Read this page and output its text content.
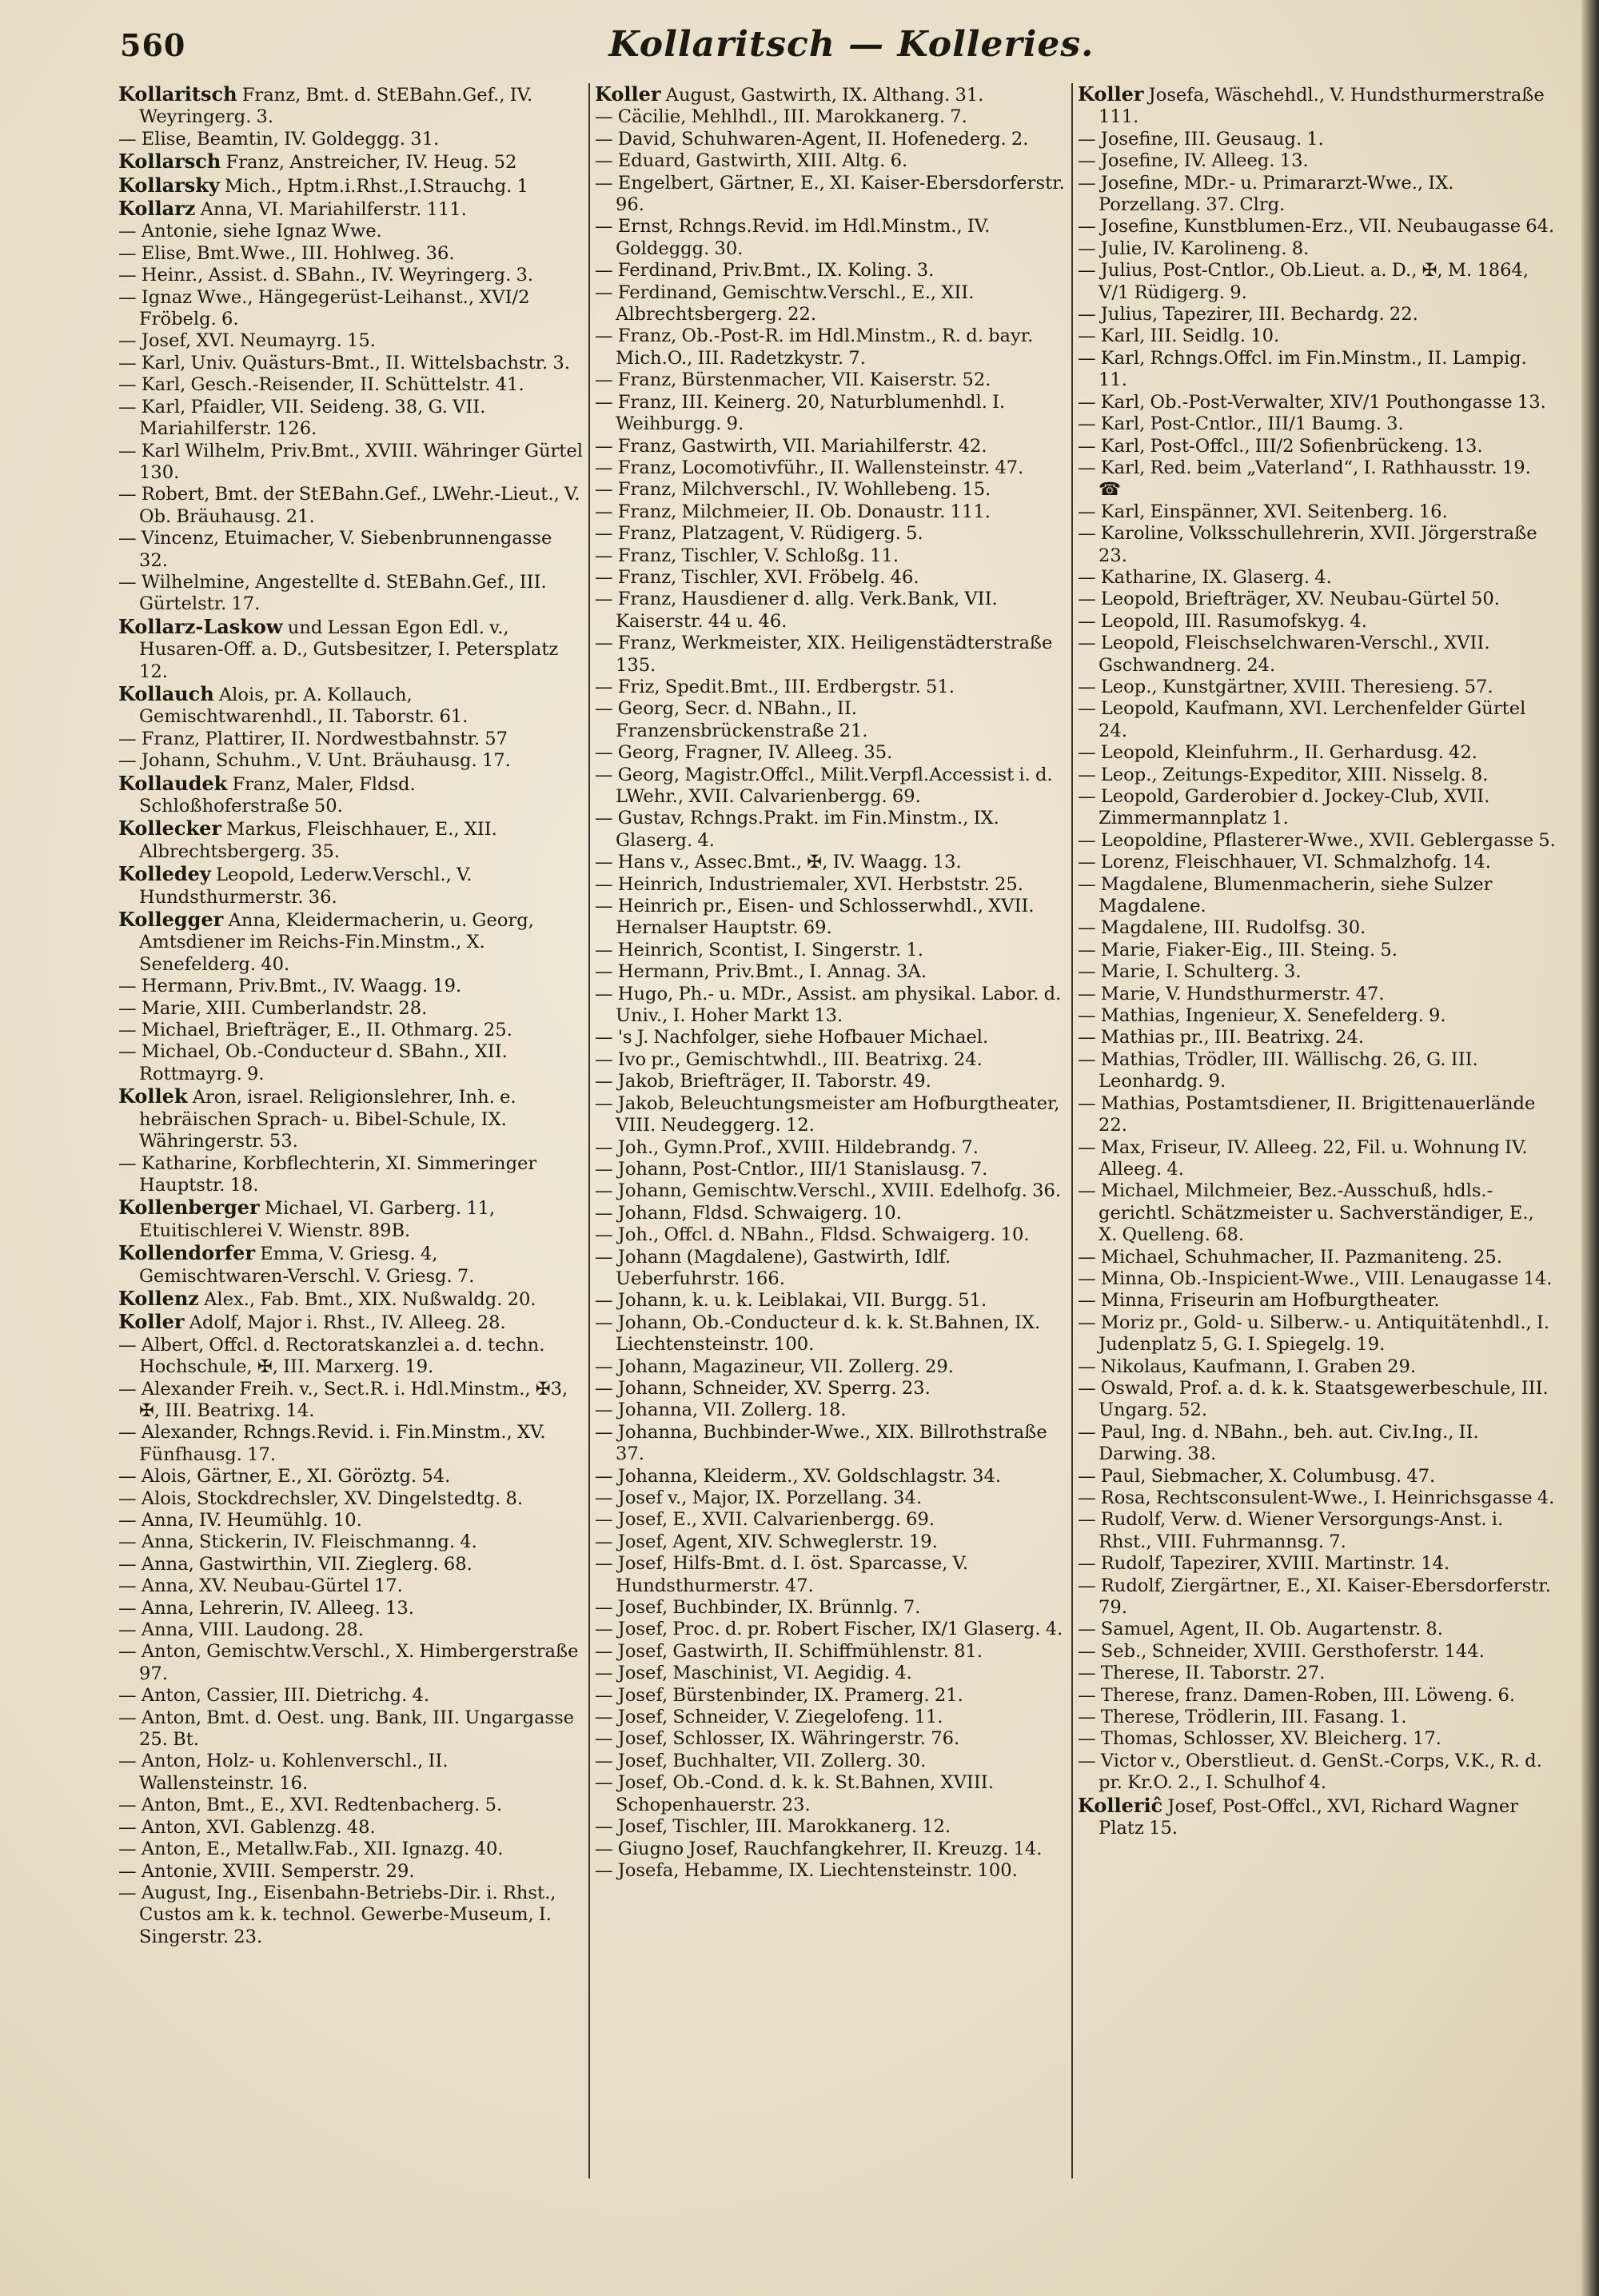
560	Kollaritsch — Kolleries.
Kollaritsch Franz, Bmt. d. StEBahn.Gef., IV. Weyringerg. 3.
— Elise, Beamtin, IV. Goldeggg. 31.
Kollarsch Franz, Anstreicher, IV. Heug. 52
Kollarsky Mich., Hptm.i.Rhst.,I.Strauchg. 1
Kollarz Anna, VI. Mariahilferstr. 111.
— Antonie, siehe Ignaz Wwe.
— Elise, Bmt.Wwe., III. Hohlweg. 36.
— Heinr., Assist. d. SBahn., IV. Weyringerg. 3.
— Ignaz Wwe., Hängegerüst-Leihanst., XVI/2 Fröbelg. 6.
— Josef, XVI. Neumayrg. 15.
— Karl, Univ. Quästurs-Bmt., II. Wittelsbachstr. 3.
— Karl, Gesch.-Reisender, II. Schüttelstr. 41.
— Karl, Pfaidler, VII. Seideng. 38, G. VII. Mariahilferstr. 126.
— Karl Wilhelm, Priv.Bmt., XVIII. Währinger Gürtel 130.
— Robert, Bmt. der StEBahn.Gef., LWehr.-Lieut., V. Ob. Bräuhausg. 21.
— Vincenz, Etuimacher, V. Siebenbrunnengasse 32.
— Wilhelmine, Angestellte d. StEBahn.Gef., III. Gürtelstr. 17.
Kollarz-Laskow und Lessan Egon Edl. v., Husaren-Off. a. D., Gutsbesitzer, I. Petersplatz 12.
Kollauch Alois, pr. A. Kollauch, Gemischtwarenhdl., II. Taborstr. 61.
— Franz, Plattirer, II. Nordwestbahnstr. 57
— Johann, Schuhm., V. Unt. Bräuhausg. 17.
Kollaudek Franz, Maler, Fldsd. Schloßhoferstraße 50.
Kollecker Markus, Fleischhauer, E., XII. Albrechtsbergerg. 35.
Kolledey Leopold, Lederw.Verschl., V. Hundsthurmerstr. 36.
Kollegger Anna, Kleidermacherin, u. Georg, Amtsdiener im Reichs-Fin.Minstm., X. Senefelderg. 40.
— Hermann, Priv.Bmt., IV. Waagg. 19.
— Marie, XIII. Cumberlandstr. 28.
— Michael, Briefträger, E., II. Othmarg. 25.
— Michael, Ob.-Conducteur d. SBahn., XII. Rottmayrg. 9.
Kollek Aron, israel. Religionslehrer, Inh. e. hebräischen Sprach- u. Bibel-Schule, IX. Währingerstr. 53.
— Katharine, Korbflechterin, XI. Simmeringer Hauptstr. 18.
Kollenberger Michael, VI. Garberg. 11, Etuitischlerei V. Wienstr. 89B.
Kollendorfer Emma, V. Griesg. 4, Gemischtwaren-Verschl. V. Griesg. 7.
Kollenz Alex., Fab. Bmt., XIX. Nußwaldg. 20.
Koller Adolf, Major i. Rhst., IV. Alleeg. 28.
— Albert, Offcl. d. Rectoratskanzlei a. d. techn. Hochschule, ✠, III. Marxerg. 19.
— Alexander Freih. v., Sect.R. i. Hdl.Minstm., ✠3, ✠, III. Beatrixg. 14.
— Alexander, Rchngs.Revid. i. Fin.Minstm., XV. Fünfhausg. 17.
— Alois, Gärtner, E., XI. Göröztg. 54.
— Alois, Stockdrechsler, XV. Dingelstedtg. 8.
— Anna, IV. Heumühlg. 10.
— Anna, Stickerin, IV. Fleischmanng. 4.
— Anna, Gastwirthin, VII. Zieglerg. 68.
— Anna, XV. Neubau-Gürtel 17.
— Anna, Lehrerin, IV. Alleeg. 13.
— Anna, VIII. Laudong. 28.
— Anton, Gemischtw.Verschl., X. Himbergerstraße 97.
— Anton, Cassier, III. Dietrichg. 4.
— Anton, Bmt. d. Oest. ung. Bank, III. Ungargasse 25. Bt.
— Anton, Holz- u. Kohlenverschl., II. Wallensteinstr. 16.
— Anton, Bmt., E., XVI. Redtenbacherg. 5.
— Anton, XVI. Gablenzg. 48.
— Anton, E., Metallw.Fab., XII. Ignazg. 40.
— Antonie, XVIII. Semperstr. 29.
— August, Ing., Eisenbahn-Betriebs-Dir. i. Rhst., Custos am k. k. technol. Gewerbe-Museum, I. Singerstr. 23.
Koller August, Gastwirth, IX. Althang. 31.
— Cäcilie, Mehlhdl., III. Marokkanerg. 7.
— David, Schuhwaren-Agent, II. Hofenederg. 2.
— Eduard, Gastwirth, XIII. Altg. 6.
— Engelbert, Gärtner, E., XI. Kaiser-Ebersdorferstr. 96.
— Ernst, Rchngs.Revid. im Hdl.Minstm., IV. Goldeggg. 30.
— Ferdinand, Priv.Bmt., IX. Koling. 3.
— Ferdinand, Gemischtw.Verschl., E., XII. Albrechtsbergerg. 22.
— Franz, Ob.-Post-R. im Hdl.Minstm., R. d. bayr. Mich.O., III. Radetzkystr. 7.
— Franz, Bürstenmacher, VII. Kaiserstr. 52.
— Franz, III. Keinerg. 20, Naturblumenhdl. I. Weihburgg. 9.
— Franz, Gastwirth, VII. Mariahilferstr. 42.
— Franz, Locomotivführ., II. Wallensteinstr. 47.
— Franz, Milchverschl., IV. Wohllebeng. 15.
— Franz, Milchmeier, II. Ob. Donaustr. 111.
— Franz, Platzagent, V. Rüdigerg. 5.
— Franz, Tischler, V. Schloßg. 11.
— Franz, Tischler, XVI. Fröbelg. 46.
— Franz, Hausdiener d. allg. Verk.Bank, VII. Kaiserstr. 44 u. 46.
— Franz, Werkmeister, XIX. Heiligenstädterstraße 135.
— Friz, Spedit.Bmt., III. Erdbergstr. 51.
— Georg, Secr. d. NBahn., II. Franzensbrückenstraße 21.
— Georg, Fragner, IV. Alleeg. 35.
— Georg, Magistr.Offcl., Milit.Verpfl.Accessist i. d. LWehr., XVII. Calvarienbergg. 69.
— Gustav, Rchngs.Prakt. im Fin.Minstm., IX. Glaserg. 4.
— Hans v., Assec.Bmt., ✠, IV. Waagg. 13.
— Heinrich, Industriemaler, XVI. Herbststr. 25.
— Heinrich pr., Eisen- und Schlosserwhdl., XVII. Hernalser Hauptstr. 69.
— Heinrich, Scontist, I. Singerstr. 1.
— Hermann, Priv.Bmt., I. Annag. 3A.
— Hugo, Ph.- u. MDr., Assist. am physikal. Labor. d. Univ., I. Hoher Markt 13.
— 's J. Nachfolger, siehe Hofbauer Michael.
— Ivo pr., Gemischtwhdl., III. Beatrixg. 24.
— Jakob, Briefträger, II. Taborstr. 49.
— Jakob, Beleuchtungsmeister am Hofburgtheater, VIII. Neudeggerg. 12.
— Joh., Gymn.Prof., XVIII. Hildebrandg. 7.
— Johann, Post-Cntlor., III/1 Stanislausg. 7.
— Johann, Gemischtw.Verschl., XVIII. Edelhofg. 36.
— Johann, Fldsd. Schwaigerg. 10.
— Joh., Offcl. d. NBahn., Fldsd. Schwaigerg. 10.
— Johann (Magdalene), Gastwirth, Idlf. Ueberfuhrstr. 166.
— Johann, k. u. k. Leiblakai, VII. Burgg. 51.
— Johann, Ob.-Conducteur d. k. k. St.Bahnen, IX. Liechtensteinstr. 100.
— Johann, Magazineur, VII. Zollerg. 29.
— Johann, Schneider, XV. Sperrg. 23.
— Johanna, VII. Zollerg. 18.
— Johanna, Buchbinder-Wwe., XIX. Billrothstraße 37.
— Johanna, Kleiderm., XV. Goldschlagstr. 34.
— Josef v., Major, IX. Porzellang. 34.
— Josef, E., XVII. Calvarienbergg. 69.
— Josef, Agent, XIV. Schweglerstr. 19.
— Josef, Hilfs-Bmt. d. I. öst. Sparcasse, V. Hundsthurmerstr. 47.
— Josef, Buchbinder, IX. Brünnlg. 7.
— Josef, Proc. d. pr. Robert Fischer, IX/1 Glaserg. 4.
— Josef, Gastwirth, II. Schiffmühlenstr. 81.
— Josef, Maschinist, VI. Aegidig. 4.
— Josef, Bürstenbinder, IX. Pramerg. 21.
— Josef, Schneider, V. Ziegelofeng. 11.
— Josef, Schlosser, IX. Währingerstr. 76.
— Josef, Buchhalter, VII. Zollerg. 30.
— Josef, Ob.-Cond. d. k. k. St.Bahnen, XVIII. Schopenhauerstr. 23.
— Josef, Tischler, III. Marokkanerg. 12.
— Giugno Josef, Rauchfangkehrer, II. Kreuzg. 14.
— Josefa, Hebamme, IX. Liechtensteinstr. 100.
Koller Josefa, Wäschehdl., V. Hundsthurmerstraße 111.
— Josefine, III. Geusaug. 1.
— Josefine, IV. Alleeg. 13.
— Josefine, MDr.- u. Primararzt-Wwe., IX. Porzellang. 37. Clrg.
— Josefine, Kunstblumen-Erz., VII. Neubaugasse 64.
— Julie, IV. Karolineng. 8.
— Julius, Post-Cntlor., Ob.Lieut. a. D., ✠, M. 1864, V/1 Rüdigerg. 9.
— Julius, Tapezirer, III. Bechardg. 22.
— Karl, III. Seidlg. 10.
— Karl, Rchngs.Offcl. im Fin.Minstm., II. Lampig. 11.
— Karl, Ob.-Post-Verwalter, XIV/1 Pouthongasse 13.
— Karl, Post-Cntlor., III/1 Baumg. 3.
— Karl, Post-Offcl., III/2 Sofienbrückeng. 13.
— Karl, Red. beim „Vaterland“, I. Rathhausstr. 19. ☎
— Karl, Einspänner, XVI. Seitenberg. 16.
— Karoline, Volksschullehrerin, XVII. Jörgerstraße 23.
— Katharine, IX. Glaserg. 4.
— Leopold, Briefträger, XV. Neubau-Gürtel 50.
— Leopold, III. Rasumofskyg. 4.
— Leopold, Fleischselchwaren-Verschl., XVII. Gschwandnerg. 24.
— Leop., Kunstgärtner, XVIII. Theresieng. 57.
— Leopold, Kaufmann, XVI. Lerchenfelder Gürtel 24.
— Leopold, Kleinfuhrm., II. Gerhardusg. 42.
— Leop., Zeitungs-Expeditor, XIII. Nisselg. 8.
— Leopold, Garderobier d. Jockey-Club, XVII. Zimmermannplatz 1.
— Leopoldine, Pflasterer-Wwe., XVII. Geblergasse 5.
— Lorenz, Fleischhauer, VI. Schmalzhofg. 14.
— Magdalene, Blumenmacherin, siehe Sulzer Magdalene.
— Magdalene, III. Rudolfsg. 30.
— Marie, Fiaker-Eig., III. Steing. 5.
— Marie, I. Schulterg. 3.
— Marie, V. Hundsthurmerstr. 47.
— Mathias, Ingenieur, X. Senefelderg. 9.
— Mathias pr., III. Beatrixg. 24.
— Mathias, Trödler, III. Wällischg. 26, G. III. Leonhardg. 9.
— Mathias, Postamtsdiener, II. Brigittenauerlände 22.
— Max, Friseur, IV. Alleeg. 22, Fil. u. Wohnung IV. Alleeg. 4.
— Michael, Milchmeier, Bez.-Ausschuß, hdls.-gerichtl. Schätzmeister u. Sachverständiger, E., X. Quelleng. 68.
— Michael, Schuhmacher, II. Pazmaniteng. 25.
— Minna, Ob.-Inspicient-Wwe., VIII. Lenaugasse 14.
— Minna, Friseurin am Hofburgtheater.
— Moriz pr., Gold- u. Silberw.- u. Antiquitätenhdl., I. Judenplatz 5, G. I. Spiegelg. 19.
— Nikolaus, Kaufmann, I. Graben 29.
— Oswald, Prof. a. d. k. k. Staatsgewerbeschule, III. Ungarg. 52.
— Paul, Ing. d. NBahn., beh. aut. Civ.Ing., II. Darwing. 38.
— Paul, Siebmacher, X. Columbusg. 47.
— Rosa, Rechtsconsulent-Wwe., I. Heinrichsgasse 4.
— Rudolf, Verw. d. Wiener Versorgungs-Anst. i. Rhst., VIII. Fuhrmannsg. 7.
— Rudolf, Tapezirer, XVIII. Martinstr. 14.
— Rudolf, Ziergärtner, E., XI. Kaiser-Ebersdorferstr. 79.
— Samuel, Agent, II. Ob. Augartenstr. 8.
— Seb., Schneider, XVIII. Gersthoferstr. 144.
— Therese, II. Taborstr. 27.
— Therese, franz. Damen-Roben, III. Löweng. 6.
— Therese, Trödlerin, III. Fasang. 1.
— Thomas, Schlosser, XV. Bleicherg. 17.
— Victor v., Oberstlieut. d. GenSt.-Corps, V.K., R. d. pr. Kr.O. 2., I. Schulhof 4.
Kolleriĉ Josef, Post-Offcl., XVI, Richard Wagner Platz 15.
